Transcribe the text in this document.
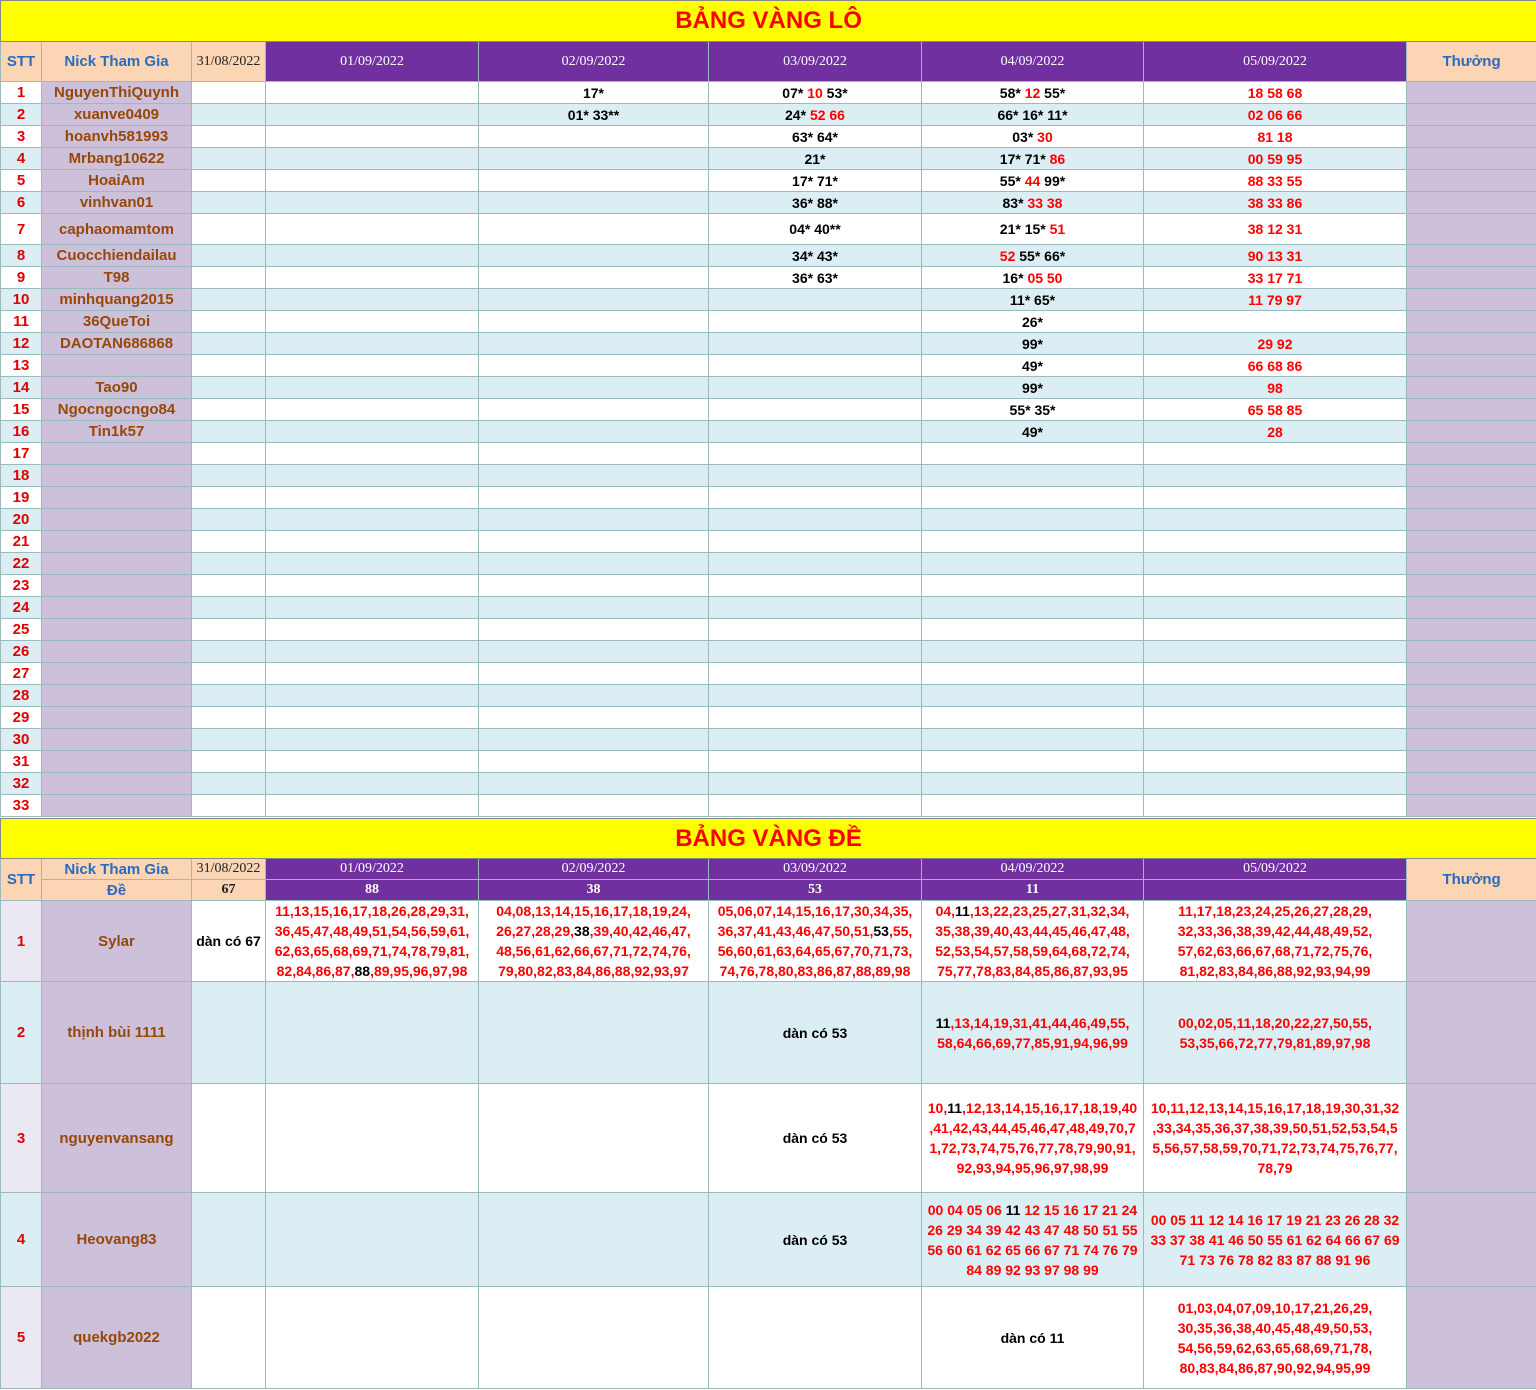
BẢNG VÀNG LÔ								
STT	Nick Tham Gia	31/08/2022	01/09/2022	02/09/2022	03/09/2022	04/09/2022	05/09/2022	Thưởng
1	NguyenThiQuynh			17*	07* 10 53*	58* 12 55*	18 58 68	
2	xuanve0409			01* 33**	24* 52 66	66* 16* 11*	02 06 66	
3	hoanvh581993				63* 64*	03* 30	81 18	
4	Mrbang10622				21*	17* 71* 86	00 59 95	
5	HoaiAm				17* 71*	55* 44 99*	88 33 55	
6	vinhvan01				36* 88*	83* 33 38	38 33 86	
7	caphaomamtom				04* 40**	21* 15* 51	38 12 31	
8	Cuocchiendailau				34* 43*	52 55* 66*	90 13 31	
9	T98				36* 63*	16* 05 50	33 17 71	
10	minhquang2015					11* 65*	11 79 97	
11	36QueToi					26*		
12	DAOTAN686868					99*	29 92	
13						49*	66 68 86	
14	Tao90					99*	98	
15	Ngocngocngo84					55* 35*	65 58 85	
16	Tin1k57					49*	28	
17								
18								
19								
20								
21								
22								
23								
24								
25								
26								
27								
28								
29								
30								
31								
32								
33								
BẢNG VÀNG ĐỀ								
STT	Nick Tham Gia	31/08/2022	01/09/2022	02/09/2022	03/09/2022	04/09/2022	05/09/2022	Thưởng
	Đề	67	88	38	53	11		
1	Sylar	dàn có 67	11,13,15,16,17,18,26,28,29,31, 36,45,47,48,49,51,54,56,59,61, 62,63,65,68,69,71,74,78,79,81, 82,84,86,87,88,89,95,96,97,98	04,08,13,14,15,16,17,18,19,24, 26,27,28,29,38,39,40,42,46,47, 48,56,61,62,66,67,71,72,74,76, 79,80,82,83,84,86,88,92,93,97	05,06,07,14,15,16,17,30,34,35, 36,37,41,43,46,47,50,51,53,55, 56,60,61,63,64,65,67,70,71,73, 74,76,78,80,83,86,87,88,89,98	04,11,13,22,23,25,27,31,32,34, 35,38,39,40,43,44,45,46,47,48, 52,53,54,57,58,59,64,68,72,74, 75,77,78,83,84,85,86,87,93,95	11,17,18,23,24,25,26,27,28,29, 32,33,36,38,39,42,44,48,49,52, 57,62,63,66,67,68,71,72,75,76, 81,82,83,84,86,88,92,93,94,99	
2	thịnh bùi 1111				dàn có 53	11,13,14,19,31,41,44,46,49,55, 58,64,66,69,77,85,91,94,96,99	00,02,05,11,18,20,22,27,50,55, 53,35,66,72,77,79,81,89,97,98	
3	nguyenvansang				dàn có 53	10,11,12,13,14,15,16,17,18,19,40 ,41,42,43,44,45,46,47,48,49,70,7 1,72,73,74,75,76,77,78,79,90,91, 92,93,94,95,96,97,98,99	10,11,12,13,14,15,16,17,18,19,30,31,32 ,33,34,35,36,37,38,39,50,51,52,53,54,5 5,56,57,58,59,70,71,72,73,74,75,76,77, 78,79	
4	Heovang83				dàn có 53	00 04 05 06 11 12 15 16 17 21 24 26 29 34 39 42 43 47 48 50 51 55 56 60 61 62 65 66 67 71 74 76 79 84 89 92 93 97 98 99	00 05 11 12 14 16 17 19 21 23 26 28 32 33 37 38 41 46 50 55 61 62 64 66 67 69 71 73 76 78 82 83 87 88 91 96	
5	quekgb2022					dàn có 11	01,03,04,07,09,10,17,21,26,29, 30,35,36,38,40,45,48,49,50,53, 54,56,59,62,63,65,68,69,71,78, 80,83,84,86,87,90,92,94,95,99	
